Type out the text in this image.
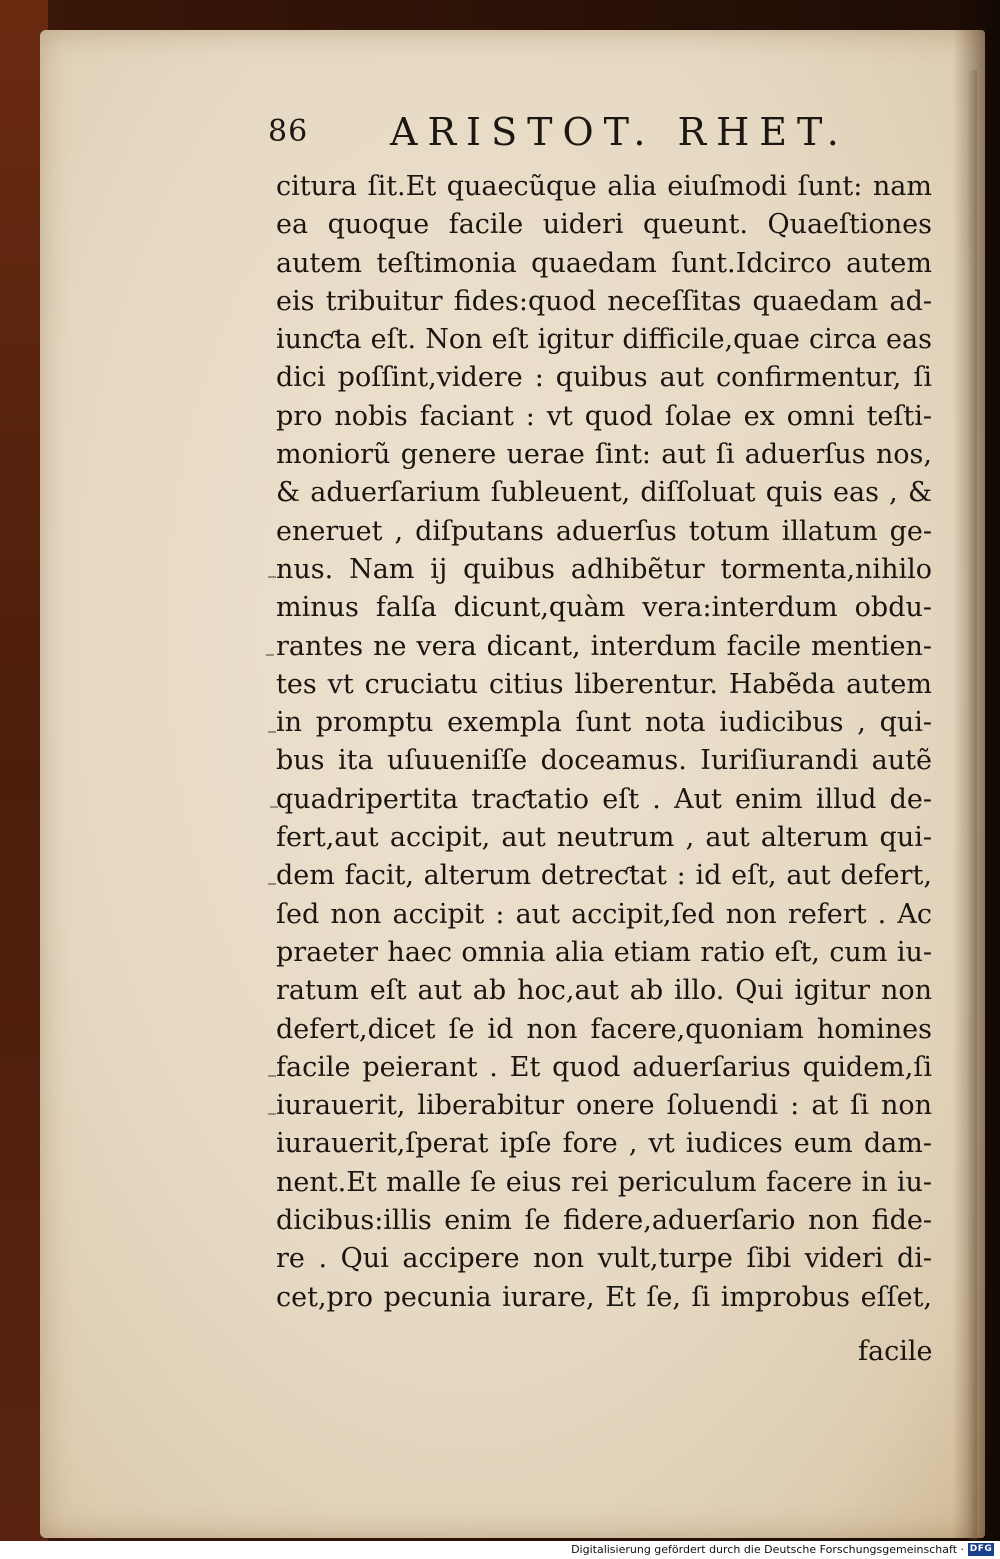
86 ARISTOT. RHET.
citura ſit.Et quaecũque alia eiuſmodi ſunt: nam
ea quoque facile uideri queunt. Quaeſtiones
autem teſtimonia quaedam ſunt.Idcirco autem
eis tribuitur fides:quod neceſſitas quaedam ad-
iunƈta eſt. Non eſt igitur difficile,quae circa eas
dici poſſint,videre : quibus aut confirmentur, ſi
pro nobis faciant : vt quod ſolae ex omni teſti-
moniorũ genere uerae ſint: aut ſi aduerſus nos,
& aduerſarium ſubleuent, diſſoluat quis eas , &
eneruet , diſputans aduerſus totum illatum ge-
nus. Nam ij quibus adhibẽtur tormenta,nihilo
minus falſa dicunt,quàm vera:interdum obdu-
rantes ne vera dicant, interdum facile mentien-
tes vt cruciatu citius liberentur. Habẽda autem
in promptu exempla ſunt nota iudicibus , qui-
bus ita uſuueniſſe doceamus. Iuriſiurandi autẽ
quadripertita traƈtatio eſt . Aut enim illud de-
fert,aut accipit, aut neutrum , aut alterum qui-
dem facit, alterum detreƈtat : id eſt, aut defert,
ſed non accipit : aut accipit,ſed non refert . Ac
praeter haec omnia alia etiam ratio eſt, cum iu-
ratum eſt aut ab hoc,aut ab illo. Qui igitur non
defert,dicet ſe id non facere,quoniam homines
facile peierant . Et quod aduerſarius quidem,ſi
iurauerit, liberabitur onere ſoluendi : at ſi non
iurauerit,ſperat ipſe fore , vt iudices eum dam-
nent.Et malle ſe eius rei periculum facere in iu-
dicibus:illis enim ſe fidere,aduerſario non fide-
re . Qui accipere non vult,turpe ſibi videri di-
cet,pro pecunia iurare, Et ſe, ſi improbus eſſet,
facile
Digitalisierung gefördert durch die Deutsche Forschungsgemeinschaft · DFG
